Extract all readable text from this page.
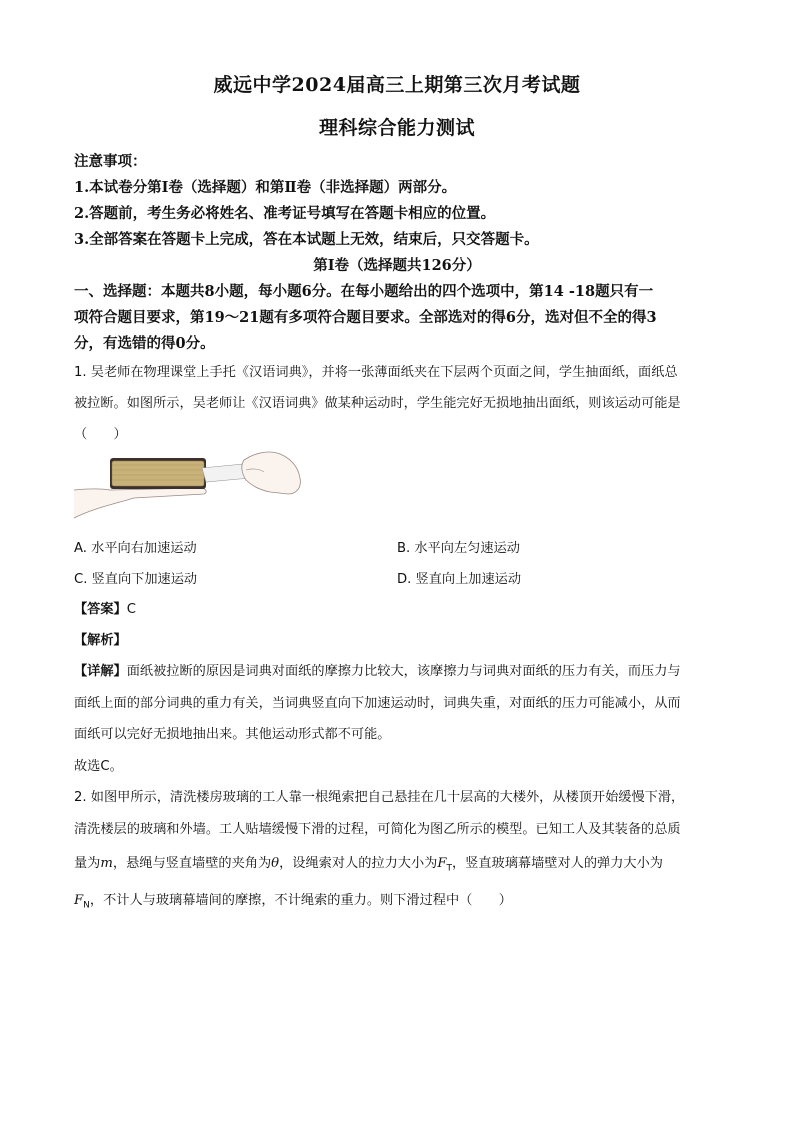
威远中学2024届高三上期第三次月考试题
理科综合能力测试
注意事项：
1.本试卷分第Ⅰ卷（选择题）和第Ⅱ卷（非选择题）两部分。
2.答题前，考生务必将姓名、准考证号填写在答题卡相应的位置。
3.全部答案在答题卡上完成，答在本试题上无效，结束后，只交答题卡。
第Ⅰ卷（选择题共126分）
一、选择题：本题共8小题，每小题6分。在每小题给出的四个选项中，第14 -18题只有一
项符合题目要求，第19～21题有多项符合题目要求。全部选对的得6分，选对但不全的得3
分，有选错的得0分。
1. 吴老师在物理课堂上手托《汉语词典》，并将一张薄面纸夹在下层两个页面之间，学生抽面纸，面纸总
被拉断。如图所示，吴老师让《汉语词典》做某种运动时，学生能完好无损地抽出面纸，则该运动可能是
（　　）
A. 水平向右加速运动	B. 水平向左匀速运动
C. 竖直向下加速运动	D. 竖直向上加速运动
【答案】C
【解析】
【详解】面纸被拉断的原因是词典对面纸的摩擦力比较大，该摩擦力与词典对面纸的压力有关，而压力与
面纸上面的部分词典的重力有关，当词典竖直向下加速运动时，词典失重，对面纸的压力可能减小，从而
面纸可以完好无损地抽出来。其他运动形式都不可能。
故选C。
2. 如图甲所示，清洗楼房玻璃的工人靠一根绳索把自己悬挂在几十层高的大楼外，从楼顶开始缓慢下滑，
清洗楼层的玻璃和外墙。工人贴墙缓慢下滑的过程，可简化为图乙所示的模型。已知工人及其装备的总质
量为m，悬绳与竖直墙壁的夹角为θ，设绳索对人的拉力大小为$F_T$，竖直玻璃幕墙壁对人的弹力大小为
$F_N$，不计人与玻璃幕墙间的摩擦，不计绳索的重力。则下滑过程中（　　）
